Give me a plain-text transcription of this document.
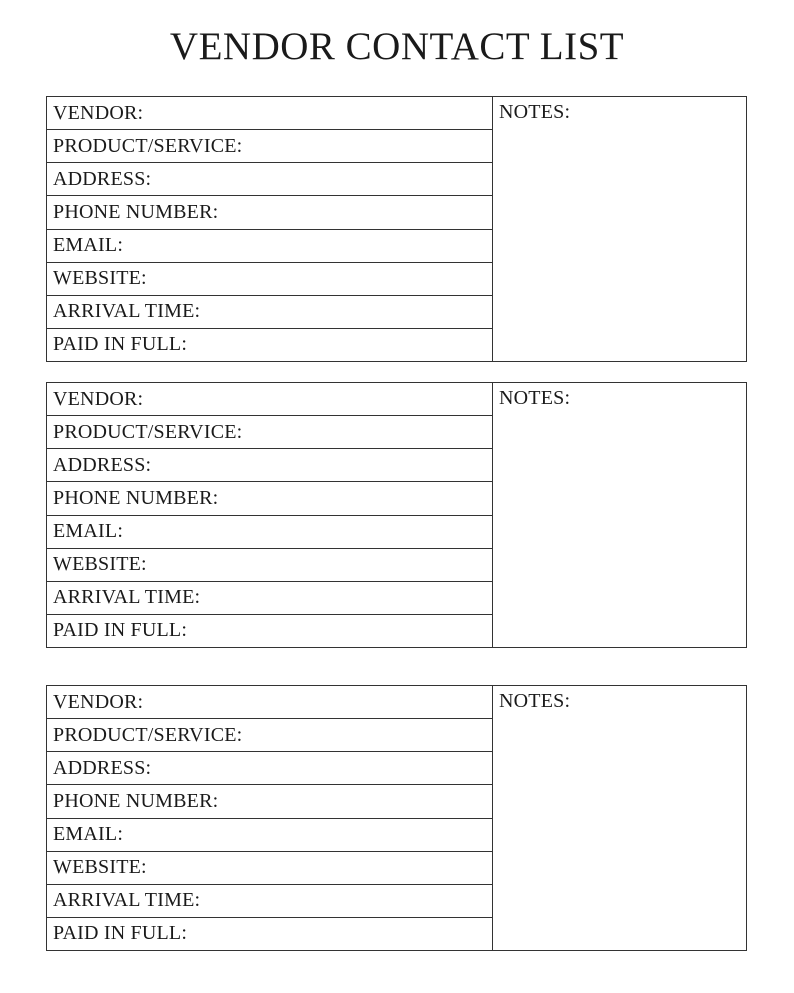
VENDOR CONTACT LIST
VENDOR:
PRODUCT/SERVICE:
ADDRESS:
PHONE NUMBER:
EMAIL:
WEBSITE:
ARRIVAL TIME:
PAID IN FULL:
NOTES:
VENDOR:
PRODUCT/SERVICE:
ADDRESS:
PHONE NUMBER:
EMAIL:
WEBSITE:
ARRIVAL TIME:
PAID IN FULL:
NOTES:
VENDOR:
PRODUCT/SERVICE:
ADDRESS:
PHONE NUMBER:
EMAIL:
WEBSITE:
ARRIVAL TIME:
PAID IN FULL:
NOTES:
